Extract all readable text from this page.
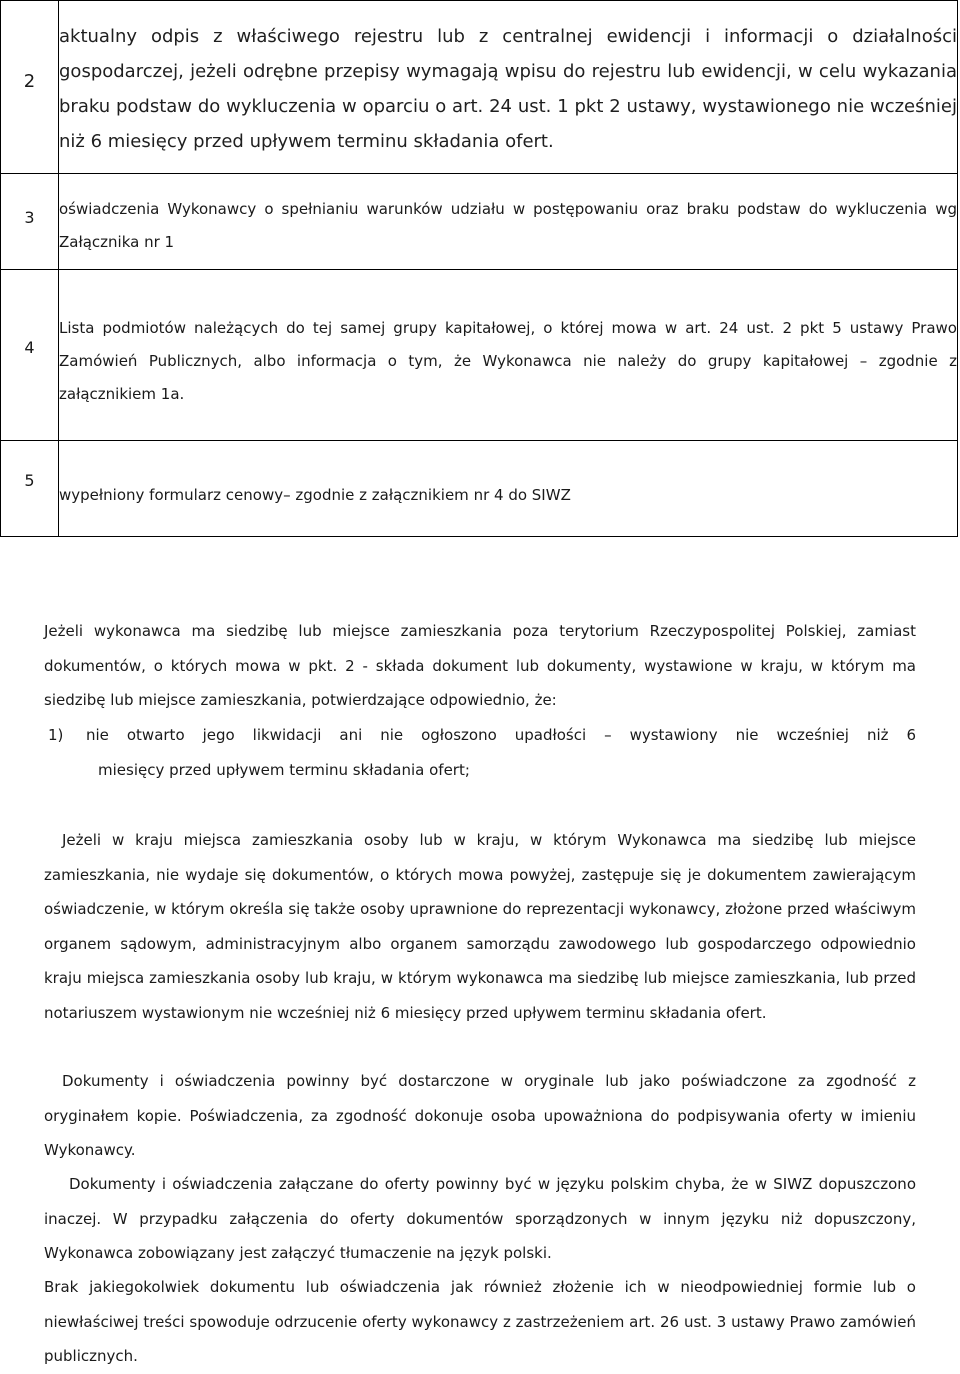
2	aktualny odpis z właściwego rejestru lub z centralnej ewidencji i informacji o działalności gospodarczej, jeżeli odrębne przepisy wymagają wpisu do rejestru lub ewidencji, w celu wykazania braku podstaw do wykluczenia w oparciu o art. 24 ust. 1 pkt 2 ustawy, wystawionego nie wcześniej niż 6 miesięcy przed upływem terminu składania ofert.

3	oświadczenia Wykonawcy o spełnianiu warunków udziału w postępowaniu oraz braku podstaw do wykluczenia wg Załącznika nr 1

4	Lista podmiotów należących do tej samej grupy kapitałowej, o której mowa w art. 24 ust. 2 pkt 5 ustawy Prawo Zamówień Publicznych, albo informacja o tym, że Wykonawca nie należy do grupy kapitałowej – zgodnie z załącznikiem 1a.

5	wypełniony formularz cenowy– zgodnie z załącznikiem nr 4 do SIWZ

Jeżeli wykonawca ma siedzibę lub miejsce zamieszkania poza terytorium Rzeczypospolitej Polskiej, zamiast dokumentów, o których mowa w pkt. 2 - składa dokument lub dokumenty, wystawione w kraju, w którym ma siedzibę lub miejsce zamieszkania, potwierdzające odpowiednio, że:

1) nie otwarto jego likwidacji ani nie ogłoszono upadłości – wystawiony nie wcześniej niż 6
miesięcy przed upływem terminu składania ofert;

Jeżeli w kraju miejsca zamieszkania osoby lub w kraju, w którym Wykonawca ma siedzibę lub miejsce zamieszkania, nie wydaje się dokumentów, o których mowa powyżej, zastępuje się je dokumentem zawierającym oświadczenie, w którym określa się także osoby uprawnione do reprezentacji wykonawcy, złożone przed właściwym organem sądowym, administracyjnym albo organem samorządu zawodowego lub gospodarczego odpowiednio kraju miejsca zamieszkania osoby lub kraju, w którym wykonawca ma siedzibę lub miejsce zamieszkania, lub przed notariuszem wystawionym nie wcześniej niż 6 miesięcy przed upływem terminu składania ofert.

Dokumenty i oświadczenia powinny być dostarczone w oryginale lub jako poświadczone za zgodność z oryginałem kopie. Poświadczenia, za zgodność dokonuje osoba upoważniona do podpisywania oferty w imieniu Wykonawcy.

Dokumenty i oświadczenia załączane do oferty powinny być w języku polskim chyba, że w SIWZ dopuszczono inaczej. W przypadku załączenia do oferty dokumentów sporządzonych w innym języku niż dopuszczony, Wykonawca zobowiązany jest załączyć tłumaczenie na język polski.

Brak jakiegokolwiek dokumentu lub oświadczenia jak również złożenie ich w nieodpowiedniej formie lub o niewłaściwej treści spowoduje odrzucenie oferty wykonawcy z zastrzeżeniem art. 26 ust. 3 ustawy Prawo zamówień publicznych.
